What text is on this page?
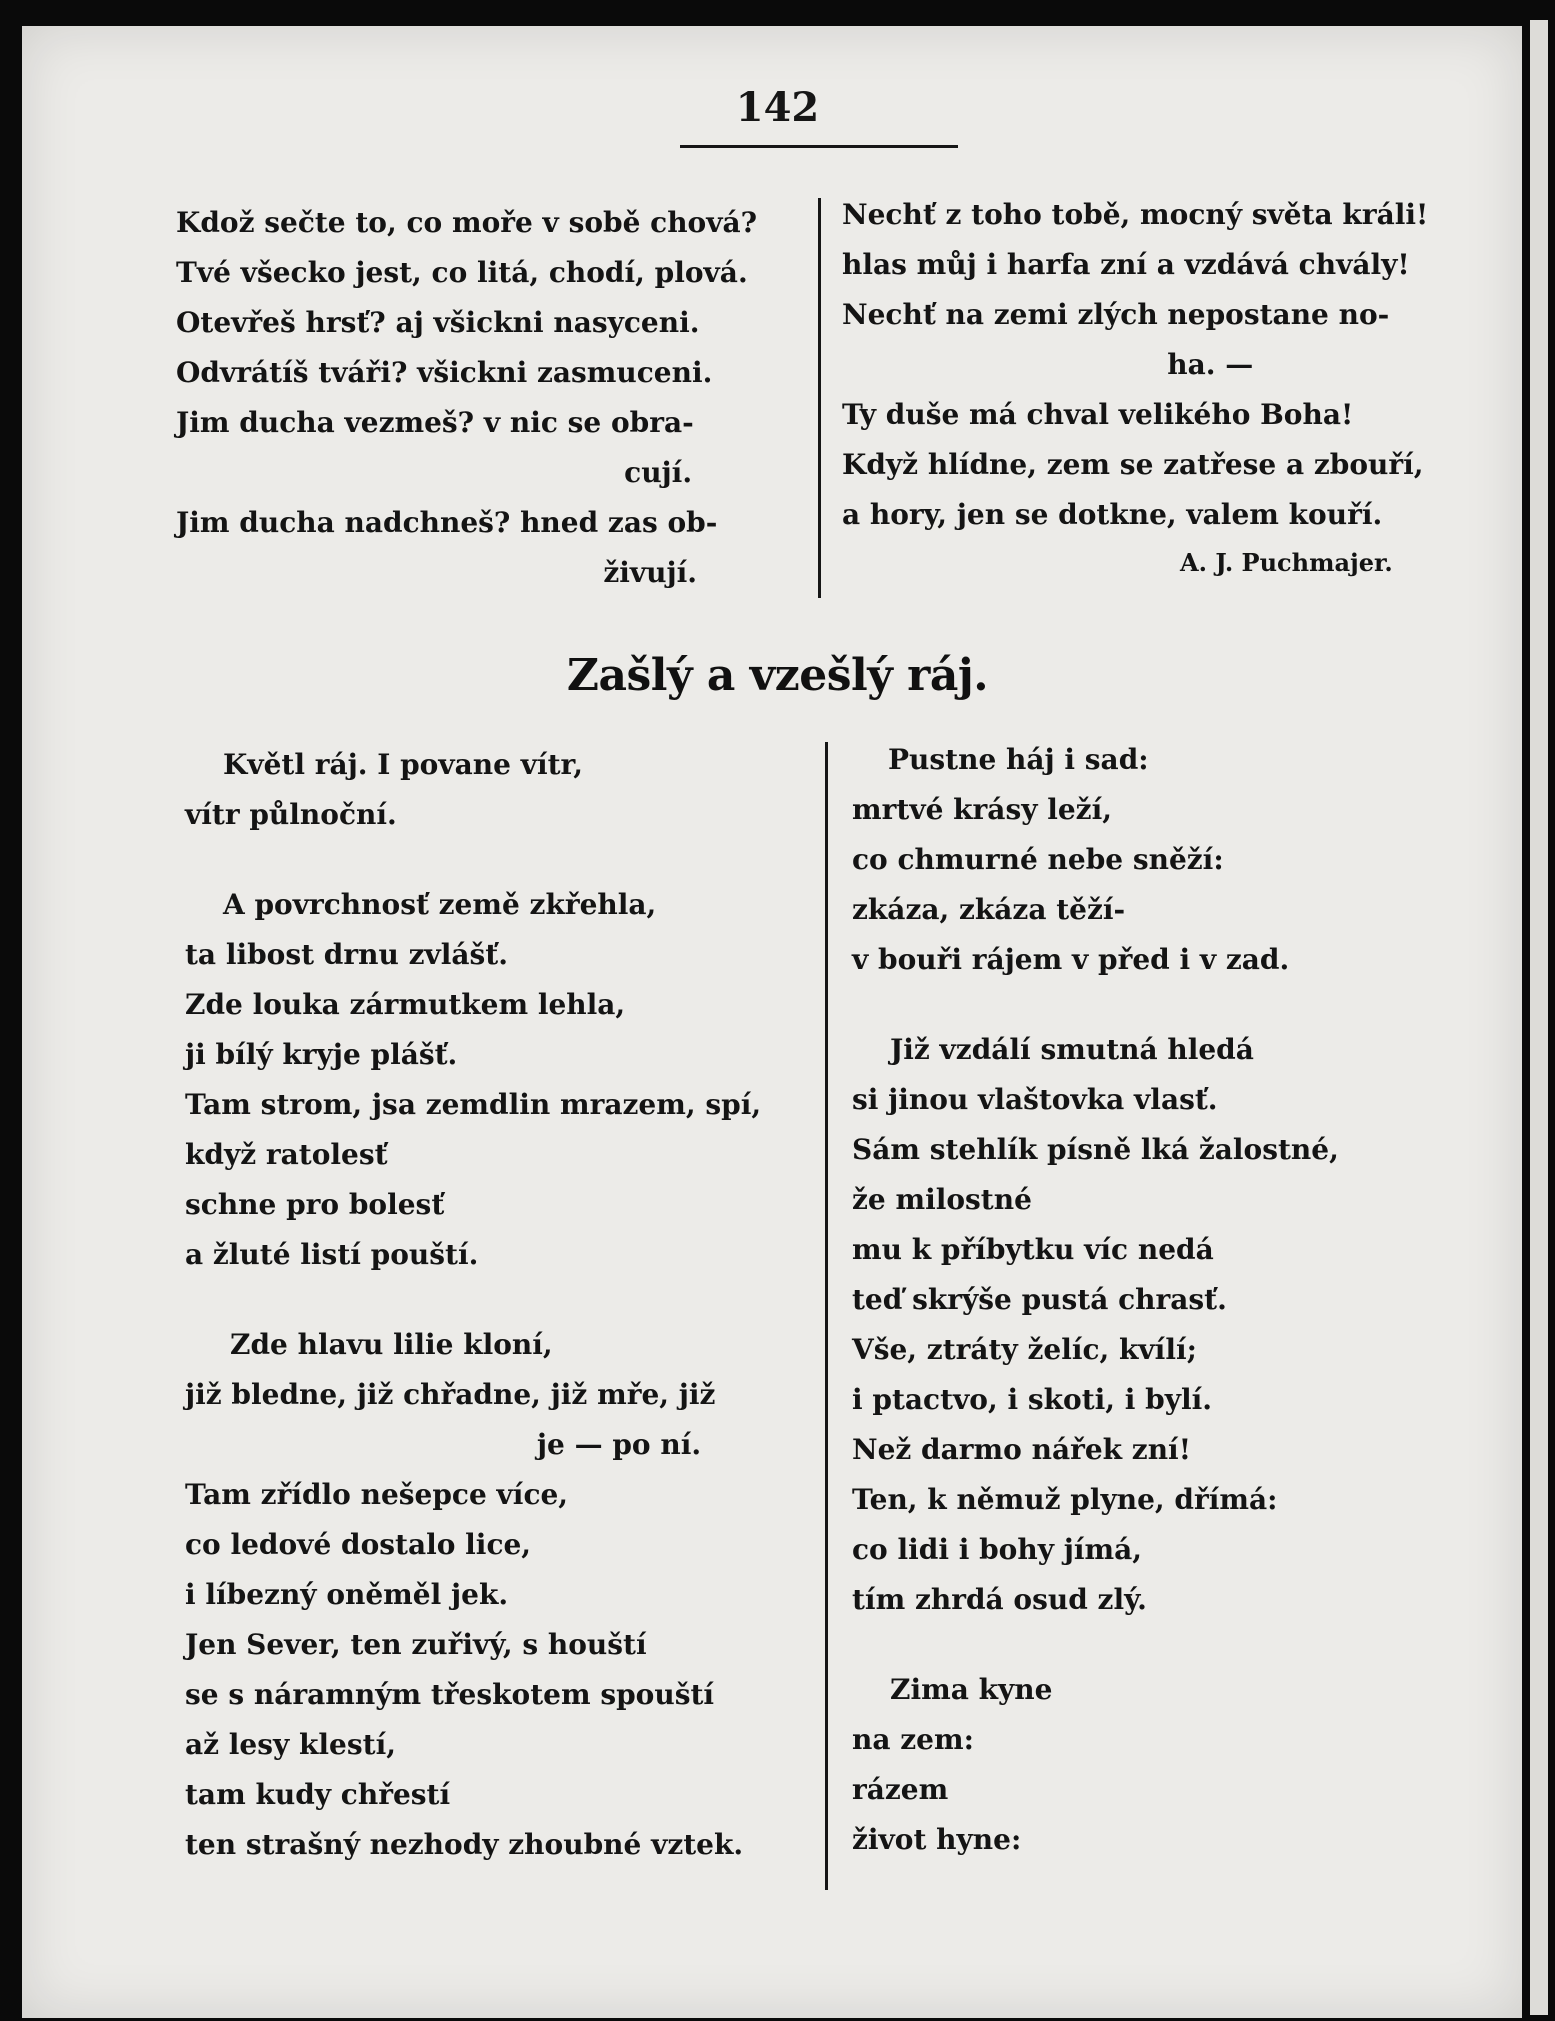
142
Kdož sečte to, co moře v sobě chová?
Tvé všecko jest, co litá, chodí, plová.
Otevřeš hrsť? aj všickni nasyceni.
Odvrátíš tváři? všickni zasmuceni.
Jim ducha vezmeš? v nic se obra-
cují.
Jim ducha nadchneš? hned zas ob-
živují.
Nechť z toho tobě, mocný světa králi!
hlas můj i harfa zní a vzdává chvály!
Nechť na zemi zlých nepostane no-
ha. —
Ty duše má chval velikého Boha!
Když hlídne, zem se zatřese a zbouří,
a hory, jen se dotkne, valem kouří.
A. J. Puchmajer.
Zašlý a vzešlý ráj.
Květl ráj. I povane vítr,
vítr půlnoční.
A povrchnosť země zkřehla,
ta libost drnu zvlášť.
Zde louka zármutkem lehla,
ji bílý kryje plášť.
Tam strom, jsa zemdlin mrazem, spí,
když ratolesť
schne pro bolesť
a žluté listí pouští.
Zde hlavu lilie kloní,
již bledne, již chřadne, již mře, již
je — po ní.
Tam zřídlo nešepce více,
co ledové dostalo lice,
i líbezný oněměl jek.
Jen Sever, ten zuřivý, s houští
se s náramným třeskotem spouští
až lesy klestí,
tam kudy chřestí
ten strašný nezhody zhoubné vztek.
Pustne háj i sad:
mrtvé krásy leží,
co chmurné nebe sněží:
zkáza, zkáza těží-
v bouři rájem v před i v zad.
Již vzdálí smutná hledá
si jinou vlaštovka vlasť.
Sám stehlík písně lká žalostné,
že milostné
mu k příbytku víc nedá
teď skrýše pustá chrasť.
Vše, ztráty želíc, kvílí;
i ptactvo, i skoti, i bylí.
Než darmo nářek zní!
Ten, k němuž plyne, dřímá:
co lidi i bohy jímá,
tím zhrdá osud zlý.
Zima kyne
na zem:
rázem
život hyne:
